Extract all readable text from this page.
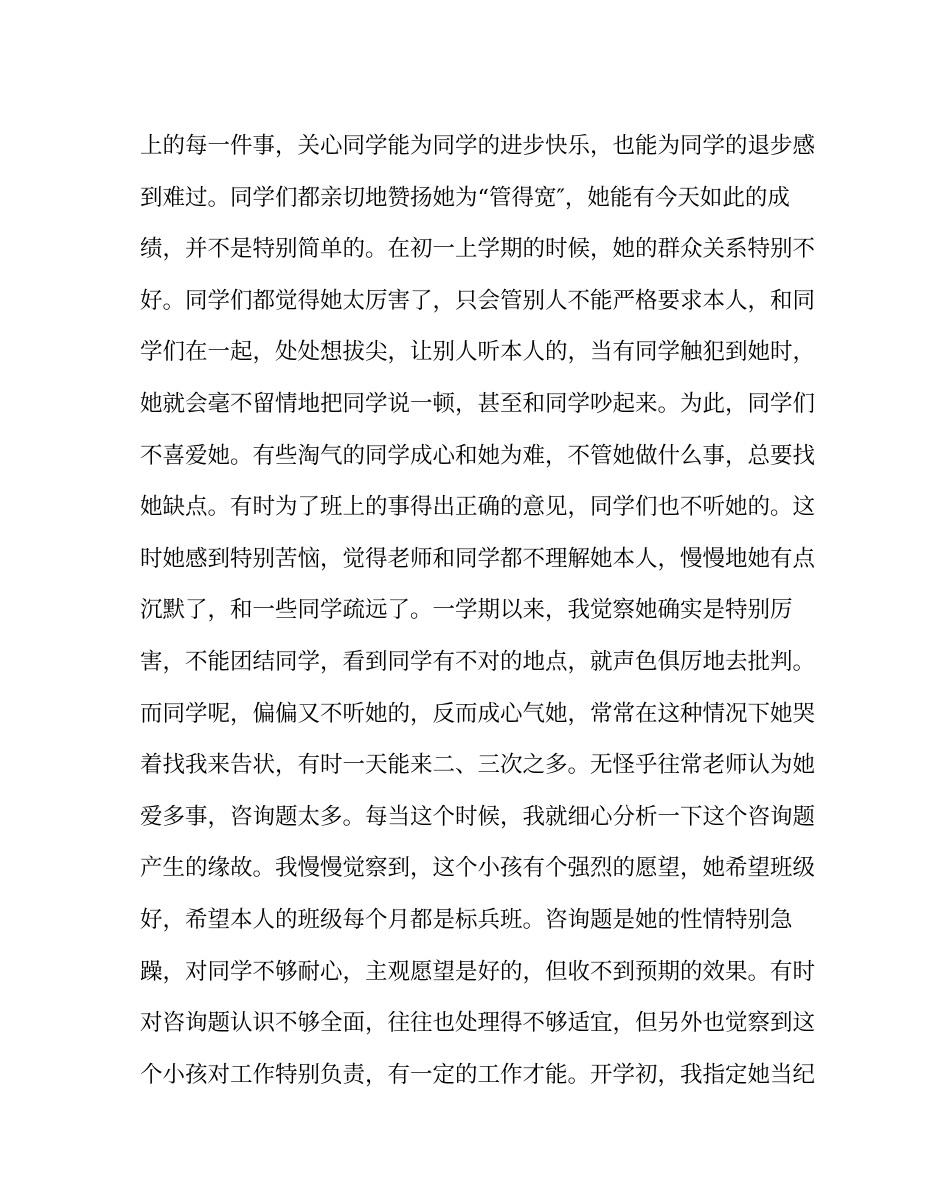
上的每一件事，关心同学能为同学的进步快乐，也能为同学的退步感
到难过。同学们都亲切地赞扬她为“管得宽″，她能有今天如此的成
绩，并不是特别简单的。在初一上学期的时候，她的群众关系特别不
好。同学们都觉得她太厉害了，只会管别人不能严格要求本人，和同
学们在一起，处处想拔尖，让别人听本人的，当有同学触犯到她时，
她就会毫不留情地把同学说一顿，甚至和同学吵起来。为此，同学们
不喜爱她。有些淘气的同学成心和她为难，不管她做什么事，总要找
她缺点。有时为了班上的事得出正确的意见，同学们也不听她的。这
时她感到特别苦恼，觉得老师和同学都不理解她本人，慢慢地她有点
沉默了，和一些同学疏远了。一学期以来，我觉察她确实是特别厉
害，不能团结同学，看到同学有不对的地点，就声色俱厉地去批判。
而同学呢，偏偏又不听她的，反而成心气她，常常在这种情况下她哭
着找我来告状，有时一天能来二、三次之多。无怪乎往常老师认为她
爱多事，咨询题太多。每当这个时候，我就细心分析一下这个咨询题
产生的缘故。我慢慢觉察到，这个小孩有个强烈的愿望，她希望班级
好，希望本人的班级每个月都是标兵班。咨询题是她的性情特别急
躁，对同学不够耐心，主观愿望是好的，但收不到预期的效果。有时
对咨询题认识不够全面，往往也处理得不够适宜，但另外也觉察到这
个小孩对工作特别负责，有一定的工作才能。开学初，我指定她当纪
